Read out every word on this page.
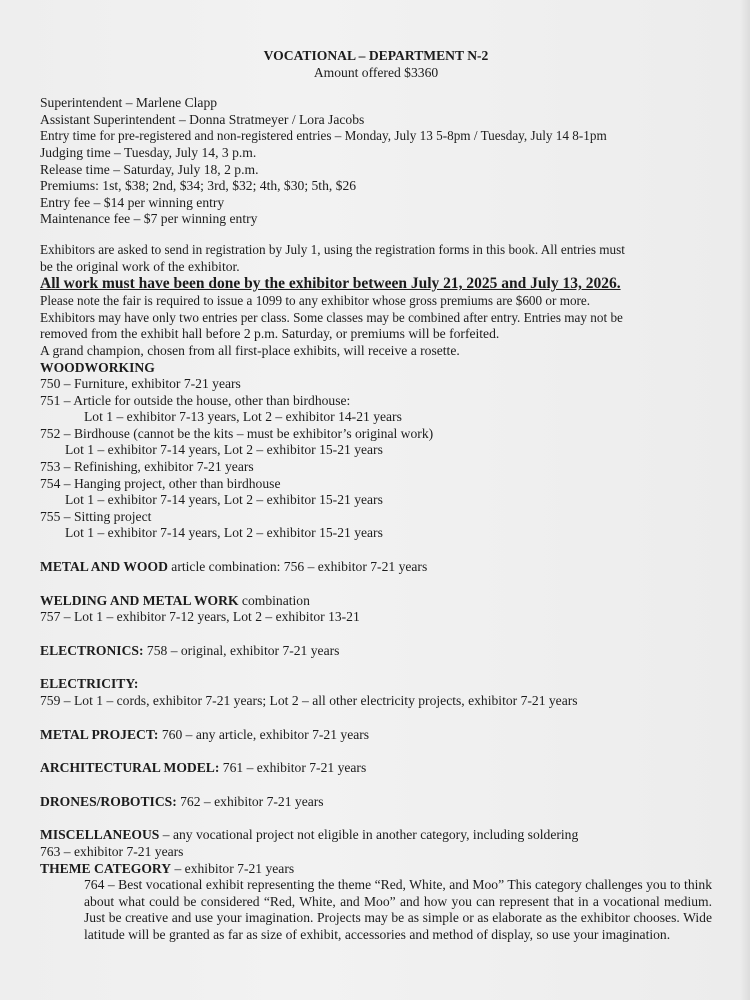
VOCATIONAL – DEPARTMENT N-2
Amount offered $3360
Superintendent – Marlene Clapp
Assistant Superintendent – Donna Stratmeyer / Lora Jacobs
Entry time for pre-registered and non-registered entries – Monday, July 13 5-8pm / Tuesday, July 14 8-1pm
Judging time – Tuesday, July 14, 3 p.m.
Release time – Saturday, July 18, 2 p.m.
Premiums: 1st, $38; 2nd, $34; 3rd, $32; 4th, $30; 5th, $26
Entry fee – $14 per winning entry
Maintenance fee – $7 per winning entry
Exhibitors are asked to send in registration by July 1, using the registration forms in this book. All entries must
be the original work of the exhibitor.
All work must have been done by the exhibitor between July 21, 2025 and July 13, 2026.
Please note the fair is required to issue a 1099 to any exhibitor whose gross premiums are $600 or more.
Exhibitors may have only two entries per class. Some classes may be combined after entry. Entries may not be
removed from the exhibit hall before 2 p.m. Saturday, or premiums will be forfeited.
A grand champion, chosen from all first-place exhibits, will receive a rosette.
WOODWORKING
750 – Furniture, exhibitor 7-21 years
751 – Article for outside the house, other than birdhouse:
Lot 1 – exhibitor 7-13 years, Lot 2 – exhibitor 14-21 years
752 – Birdhouse (cannot be the kits – must be exhibitor’s original work)
Lot 1 – exhibitor 7-14 years, Lot 2 – exhibitor 15-21 years
753 – Refinishing, exhibitor 7-21 years
754 – Hanging project, other than birdhouse
Lot 1 – exhibitor 7-14 years, Lot 2 – exhibitor 15-21 years
755 – Sitting project
Lot 1 – exhibitor 7-14 years, Lot 2 – exhibitor 15-21 years
METAL AND WOOD article combination: 756 – exhibitor 7-21 years
WELDING AND METAL WORK combination
757 – Lot 1 – exhibitor 7-12 years, Lot 2 – exhibitor 13-21
ELECTRONICS: 758 – original, exhibitor 7-21 years
ELECTRICITY:
759 – Lot 1 – cords, exhibitor 7-21 years; Lot 2 – all other electricity projects, exhibitor 7-21 years
METAL PROJECT: 760 – any article, exhibitor 7-21 years
ARCHITECTURAL MODEL: 761 – exhibitor 7-21 years
DRONES/ROBOTICS: 762 – exhibitor 7-21 years
MISCELLANEOUS – any vocational project not eligible in another category, including soldering
763 – exhibitor 7-21 years
THEME CATEGORY – exhibitor 7-21 years
764 – Best vocational exhibit representing the theme “Red, White, and Moo” This category challenges you to think about what could be considered “Red, White, and Moo” and how you can represent that in a vocational medium. Just be creative and use your imagination. Projects may be as simple or as elaborate as the exhibitor chooses. Wide latitude will be granted as far as size of exhibit, accessories and method of display, so use your imagination.
